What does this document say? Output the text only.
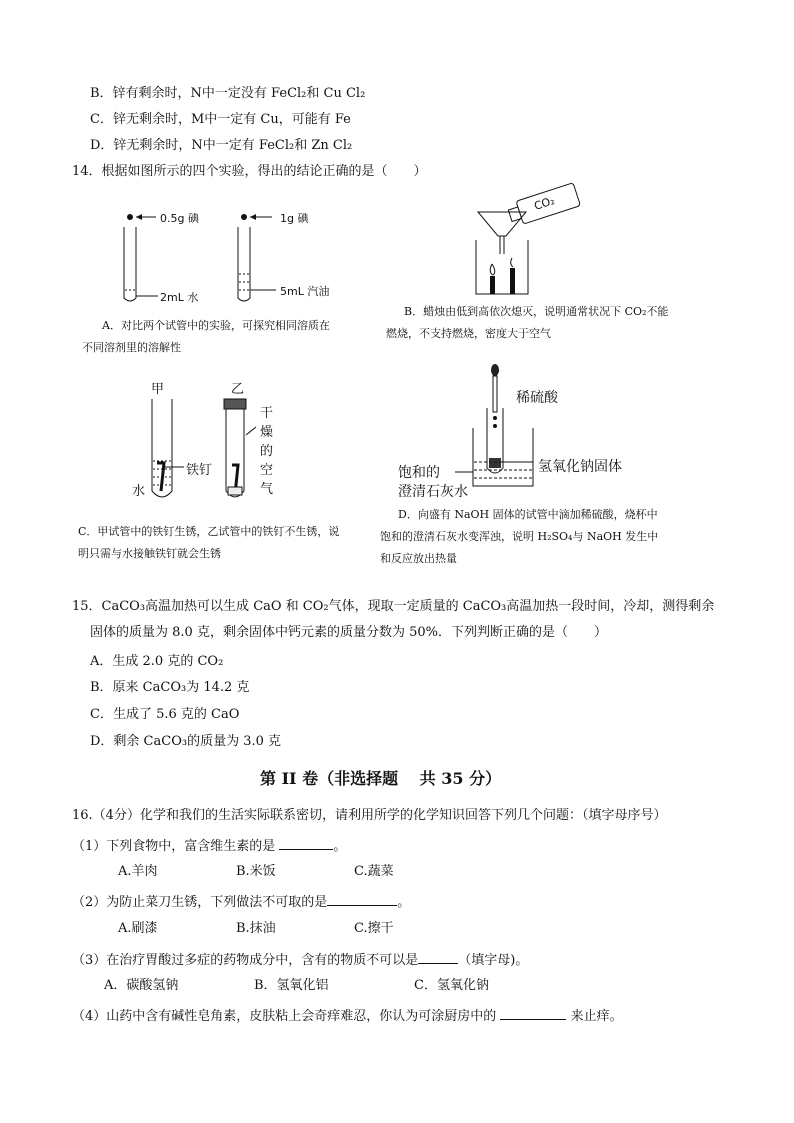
B．锌有剩余时，N中一定没有 FeCl₂和 Cu Cl₂
C．锌无剩余时，M中一定有 Cu，可能有 Fe
D．锌无剩余时，N中一定有 FeCl₂和 Zn Cl₂
14．根据如图所示的四个实验，得出的结论正确的是（　　）
0.5g 碘	1g 碘
2mL 水	5mL 汽油
A．对比两个试管中的实验，可探究相同溶质在
不同溶剂里的溶解性
CO₂
B．蜡烛由低到高依次熄灭，说明通常状况下 CO₂不能
燃烧，不支持燃烧，密度大于空气
甲	乙
铁钉
水
干
燥
的
空
气
C．甲试管中的铁钉生锈，乙试管中的铁钉不生锈，说
明只需与水接触铁钉就会生锈
稀硫酸
氢氧化钠固体
饱和的
澄清石灰水
D．向盛有 NaOH 固体的试管中滴加稀硫酸，烧杯中
饱和的澄清石灰水变浑浊，说明 H₂SO₄与 NaOH 发生中
和反应放出热量
15．CaCO₃高温加热可以生成 CaO 和 CO₂气体，现取一定质量的 CaCO₃高温加热一段时间，冷却，测得剩余
固体的质量为 8.0 克，剩余固体中钙元素的质量分数为 50%．下列判断正确的是（　　）
A．生成 2.0 克的 CO₂
B．原来 CaCO₃为 14.2 克
C．生成了 5.6 克的 CaO
D．剩余 CaCO₃的质量为 3.0 克
第 II 卷（非选择题　 共 35 分）
16.（4分）化学和我们的生活实际联系密切，请利用所学的化学知识回答下列几个问题：（填字母序号）
（1）下列食物中，富含维生素的是	。
A.羊肉	B.米饭	C.蔬菜
（2）为防止菜刀生锈，下列做法不可取的是	。
A.刷漆	B.抹油	C.擦干
（3）在治疗胃酸过多症的药物成分中，含有的物质不可以是	（填字母)。
A．碳酸氢钠	B．氢氧化铝	C．氢氧化钠
（4）山药中含有碱性皂角素，皮肤粘上会奇痒难忍，你认为可涂厨房中的	来止痒。
